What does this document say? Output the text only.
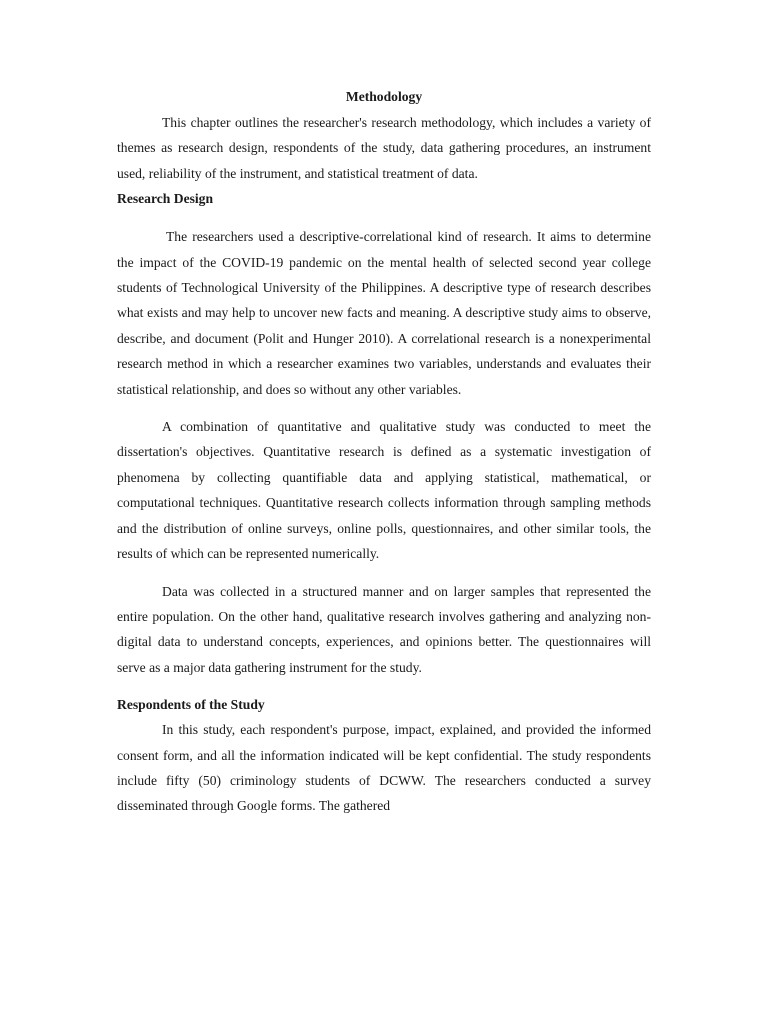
Methodology

This chapter outlines the researcher's research methodology, which includes a variety of themes as research design, respondents of the study, data gathering procedures, an instrument used, reliability of the instrument, and statistical treatment of data.

Research Design

The researchers used a descriptive-correlational kind of research. It aims to determine the impact of the COVID-19 pandemic on the mental health of selected second year college students of Technological University of the Philippines. A descriptive type of research describes what exists and may help to uncover new facts and meaning. A descriptive study aims to observe, describe, and document (Polit and Hunger 2010). A correlational research is a nonexperimental research method in which a researcher examines two variables, understands and evaluates their statistical relationship, and does so without any other variables.

A combination of quantitative and qualitative study was conducted to meet the dissertation's objectives. Quantitative research is defined as a systematic investigation of phenomena by collecting quantifiable data and applying statistical, mathematical, or computational techniques. Quantitative research collects information through sampling methods and the distribution of online surveys, online polls, questionnaires, and other similar tools, the results of which can be represented numerically.

Data was collected in a structured manner and on larger samples that represented the entire population. On the other hand, qualitative research involves gathering and analyzing non-digital data to understand concepts, experiences, and opinions better. The questionnaires will serve as a major data gathering instrument for the study.

Respondents of the Study

In this study, each respondent's purpose, impact, explained, and provided the informed consent form, and all the information indicated will be kept confidential. The study respondents include fifty (50) criminology students of DCWW. The researchers conducted a survey disseminated through Google forms. The gathered
